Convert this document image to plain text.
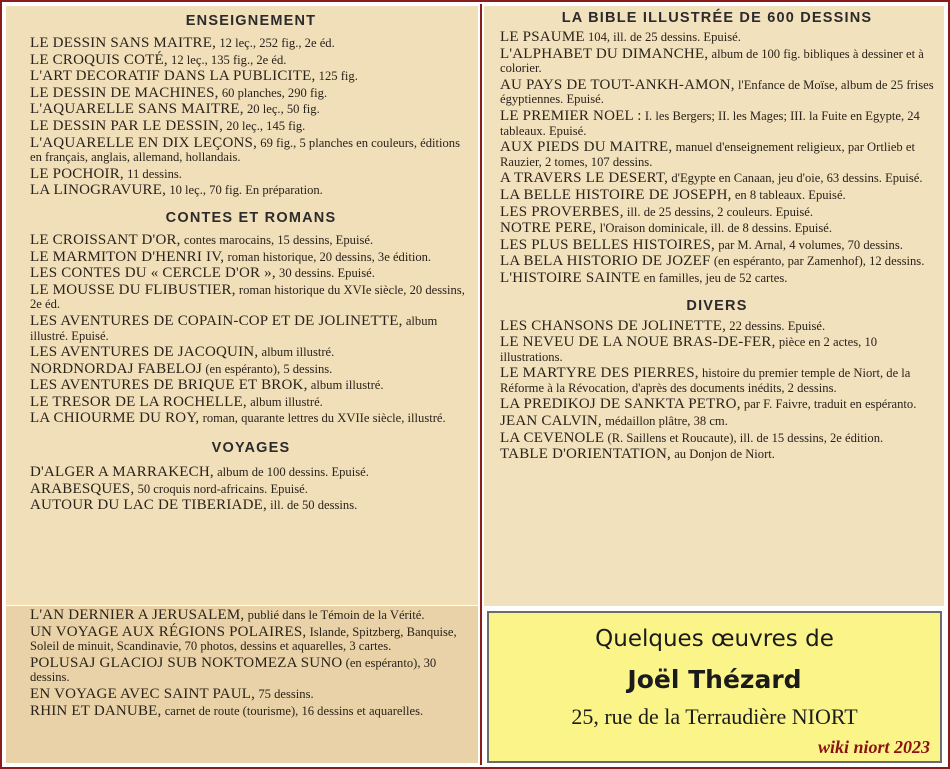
ENSEIGNEMENT
LE DESSIN SANS MAITRE, 12 leç., 252 fig., 2e éd.
LE CROQUIS COTÉ, 12 leç., 135 fig., 2e éd.
L'ART DECORATIF DANS LA PUBLICITE, 125 fig.
LE DESSIN DE MACHINES, 60 planches, 290 fig.
L'AQUARELLE SANS MAITRE, 20 leç., 50 fig.
LE DESSIN PAR LE DESSIN, 20 leç., 145 fig.
L'AQUARELLE EN DIX LEÇONS, 69 fig., 5 planches en couleurs, éditions en français, anglais, allemand, hollandais.
LE POCHOIR, 11 dessins.
LA LINOGRAVURE, 10 leç., 70 fig. En préparation.
CONTES ET ROMANS
LE CROISSANT D'OR, contes marocains, 15 dessins, Epuisé.
LE MARMITON D'HENRI IV, roman historique, 20 dessins, 3e édition.
LES CONTES DU « CERCLE D'OR », 30 dessins. Epuisé.
LE MOUSSE DU FLIBUSTIER, roman historique du XVIe siècle, 20 dessins, 2e éd.
LES AVENTURES DE COPAIN-COP ET DE JOLINETTE, album illustré. Epuisé.
LES AVENTURES DE JACOQUIN, album illustré.
NORDNORDAJ FABELOJ (en espéranto), 5 dessins.
LES AVENTURES DE BRIQUE ET BROK, album illustré.
LE TRESOR DE LA ROCHELLE, album illustré.
LA CHIOURME DU ROY, roman, quarante lettres du XVIIe siècle, illustré.
VOYAGES
D'ALGER A MARRAKECH, album de 100 dessins. Epuisé.
ARABESQUES, 50 croquis nord-africains. Epuisé.
AUTOUR DU LAC DE TIBERIADE, ill. de 50 dessins.
L'AN DERNIER A JERUSALEM, publié dans le Témoin de la Vérité.
UN VOYAGE AUX RÉGIONS POLAIRES, Islande, Spitzberg, Banquise, Soleil de minuit, Scandinavie, 70 photos, dessins et aquarelles, 3 cartes.
POLUSAJ GLACIOJ SUB NOKTOMEZA SUNO (en espéranto), 30 dessins.
EN VOYAGE AVEC SAINT PAUL, 75 dessins.
RHIN ET DANUBE, carnet de route (tourisme), 16 dessins et aquarelles.
LA BIBLE ILLUSTRÉE DE 600 DESSINS
LE PSAUME 104, ill. de 25 dessins. Epuisé.
L'ALPHABET DU DIMANCHE, album de 100 fig. bibliques à dessiner et à colorier.
AU PAYS DE TOUT-ANKH-AMON, l'Enfance de Moïse, album de 25 frises égyptiennes. Epuisé.
LE PREMIER NOEL : I. les Bergers; II. les Mages; III. la Fuite en Egypte, 24 tableaux. Epuisé.
AUX PIEDS DU MAITRE, manuel d'enseignement religieux, par Ortlieb et Rauzier, 2 tomes, 107 dessins.
A TRAVERS LE DESERT, d'Egypte en Canaan, jeu d'oie, 63 dessins. Epuisé.
LA BELLE HISTOIRE DE JOSEPH, en 8 tableaux. Epuisé.
LES PROVERBES, ill. de 25 dessins, 2 couleurs. Epuisé.
NOTRE PERE, l'Oraison dominicale, ill. de 8 dessins. Epuisé.
LES PLUS BELLES HISTOIRES, par M. Arnal, 4 volumes, 70 dessins.
LA BELA HISTORIO DE JOZEF (en espéranto, par Zamenhof), 12 dessins.
L'HISTOIRE SAINTE en familles, jeu de 52 cartes.
DIVERS
LES CHANSONS DE JOLINETTE, 22 dessins. Epuisé.
LE NEVEU DE LA NOUE BRAS-DE-FER, pièce en 2 actes, 10 illustrations.
LE MARTYRE DES PIERRES, histoire du premier temple de Niort, de la Réforme à la Révocation, d'après des documents inédits, 2 dessins.
LA PREDIKOJ DE SANKTA PETRO, par F. Faivre, traduit en espéranto.
JEAN CALVIN, médaillon plâtre, 38 cm.
LA CEVENOLE (R. Saillens et Roucaute), ill. de 15 dessins, 2e édition.
TABLE D'ORIENTATION, au Donjon de Niort.
Quelques œuvres de
Joël Thézard
25, rue de la Terraudière NIORT
wiki niort 2023
